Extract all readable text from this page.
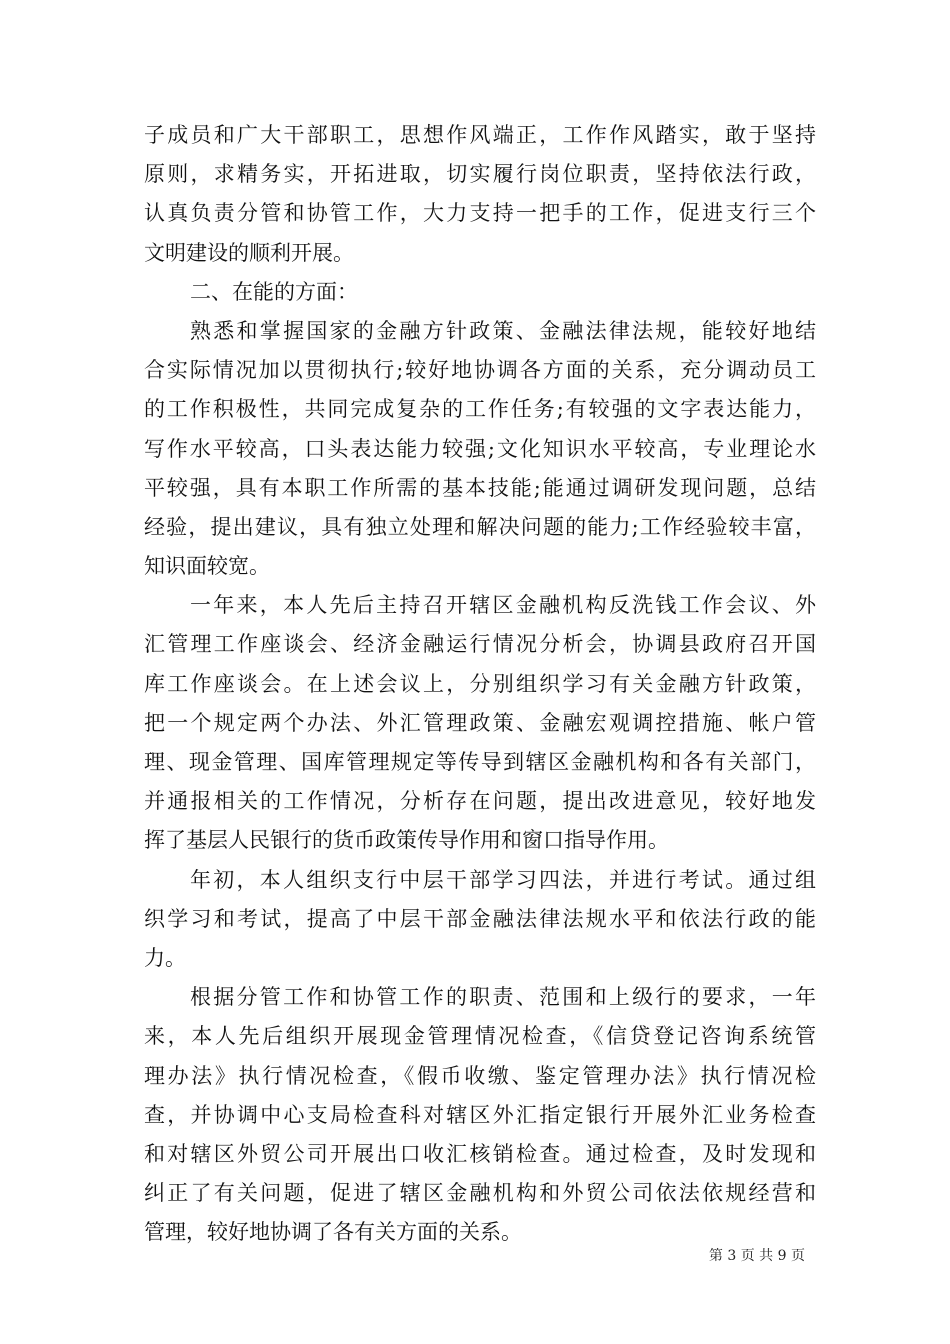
子成员和广大干部职工，思想作风端正，工作作风踏实，敢于坚持
原则，求精务实，开拓进取，切实履行岗位职责，坚持依法行政，
认真负责分管和协管工作，大力支持一把手的工作，促进支行三个
文明建设的顺利开展。
二、在能的方面：
熟悉和掌握国家的金融方针政策、金融法律法规，能较好地结
合实际情况加以贯彻执行;较好地协调各方面的关系，充分调动员工
的工作积极性，共同完成复杂的工作任务;有较强的文字表达能力，
写作水平较高，口头表达能力较强;文化知识水平较高，专业理论水
平较强，具有本职工作所需的基本技能;能通过调研发现问题，总结
经验，提出建议，具有独立处理和解决问题的能力;工作经验较丰富，
知识面较宽。
一年来，本人先后主持召开辖区金融机构反洗钱工作会议、外
汇管理工作座谈会、经济金融运行情况分析会，协调县政府召开国
库工作座谈会。在上述会议上，分别组织学习有关金融方针政策，
把一个规定两个办法、外汇管理政策、金融宏观调控措施、帐户管
理、现金管理、国库管理规定等传导到辖区金融机构和各有关部门，
并通报相关的工作情况，分析存在问题，提出改进意见，较好地发
挥了基层人民银行的货币政策传导作用和窗口指导作用。
年初，本人组织支行中层干部学习四法，并进行考试。通过组
织学习和考试，提高了中层干部金融法律法规水平和依法行政的能
力。
根据分管工作和协管工作的职责、范围和上级行的要求，一年
来，本人先后组织开展现金管理情况检查，《信贷登记咨询系统管
理办法》执行情况检查，《假币收缴、鉴定管理办法》执行情况检
查，并协调中心支局检查科对辖区外汇指定银行开展外汇业务检查
和对辖区外贸公司开展出口收汇核销检查。通过检查，及时发现和
纠正了有关问题，促进了辖区金融机构和外贸公司依法依规经营和
管理，较好地协调了各有关方面的关系。
第 3 页 共 9 页
